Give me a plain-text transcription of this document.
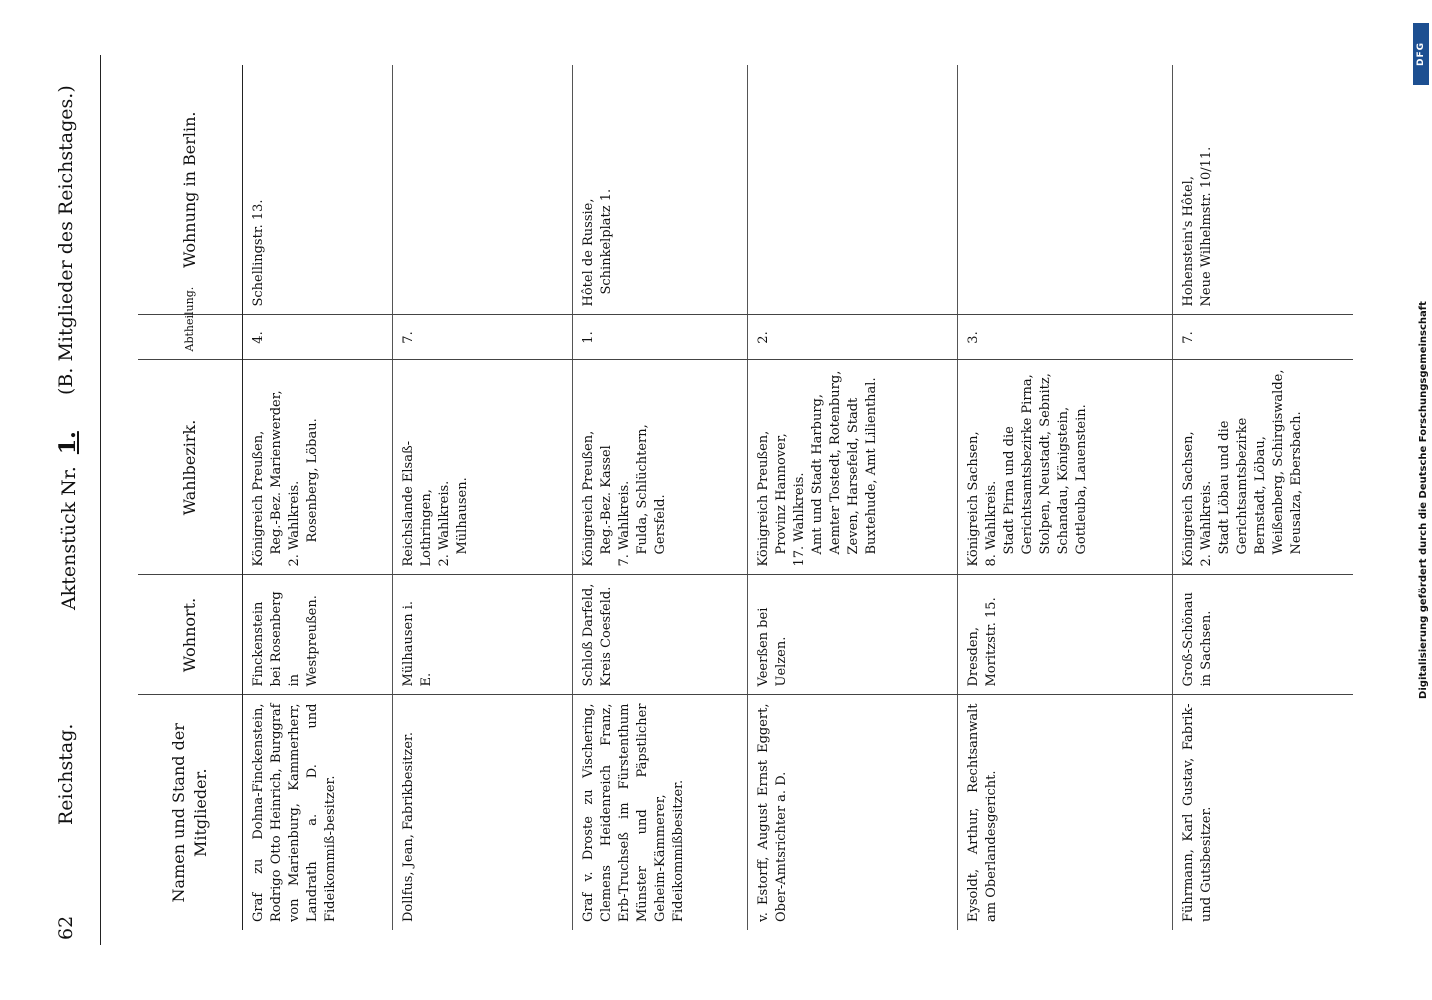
62
Reichstag.
Aktenstück Nr. 1.
(B. Mitglieder des Reichstages.)
Namen und Stand der Mitglieder.	Wohnort.	Wahlbezirk.	Abtheilung.	Wohnung in Berlin.
Graf zu Dohna-Finckenstein, Rodrigo Otto Heinrich, Burggraf von Marienburg, Kammerherr, Landrath a. D. und Fideikommiß-besitzer.	Finckenstein bei Rosenberg in Westpreußen.	Königreich Preußen, Reg.-Bez. Marienwerder, 2. Wahlkreis. Rosenberg, Löbau.	4.	Schellingstr. 13.

Dollfus, Jean, Fabrikbesitzer.	Mülhausen i. E.	Reichslande Elsaß-Lothringen, 2. Wahlkreis. Mülhausen.	7.	
Graf v. Droste zu Vischering, Clemens Heidenreich Franz, Erb-Truchseß im Fürstenthum Münster und Päpstlicher Geheim-Kämmerer, Fideikommißbesitzer.	Schloß Darfeld, Kreis Coesfeld.	Königreich Preußen, Reg.-Bez. Kassel 7. Wahlkreis. Fulda, Schlüchtern, Gersfeld.	1.	Hôtel de Russie, Schinkelplatz 1.

v. Estorff, August Ernst Eggert, Ober-Amtsrichter a. D.	Veerßen bei Uelzen.	Königreich Preußen, Provinz Hannover, 17. Wahlkreis. Amt und Stadt Harburg, Aemter Tostedt, Rotenburg, Zeven, Harsefeld, Stadt Buxtehude, Amt Lilienthal.	2.	
Eysoldt, Arthur, Rechtsanwalt am Oberlandesgericht.	Dresden, Moritzstr. 15.	Königreich Sachsen, 8. Wahlkreis. Stadt Pirna und die Gerichtsamtsbezirke Pirna, Stolpen, Neustadt, Sebnitz, Schandau, Königstein, Gottleuba, Lauenstein.	3.	
Führmann, Karl Gustav, Fabrik- und Gutsbesitzer.	Groß-Schönau in Sachsen.	Königreich Sachsen, 2. Wahlkreis. Stadt Löbau und die Gerichtsamtsbezirke Bernstadt, Löbau, Weißenberg, Schirgiswalde, Neusalza, Ebersbach.	7.	Hohenstein's Hôtel, Neue Wilhelmstr. 10/11.
Digitalisierung gefördert durch die Deutsche Forschungsgemeinschaft
DFG
